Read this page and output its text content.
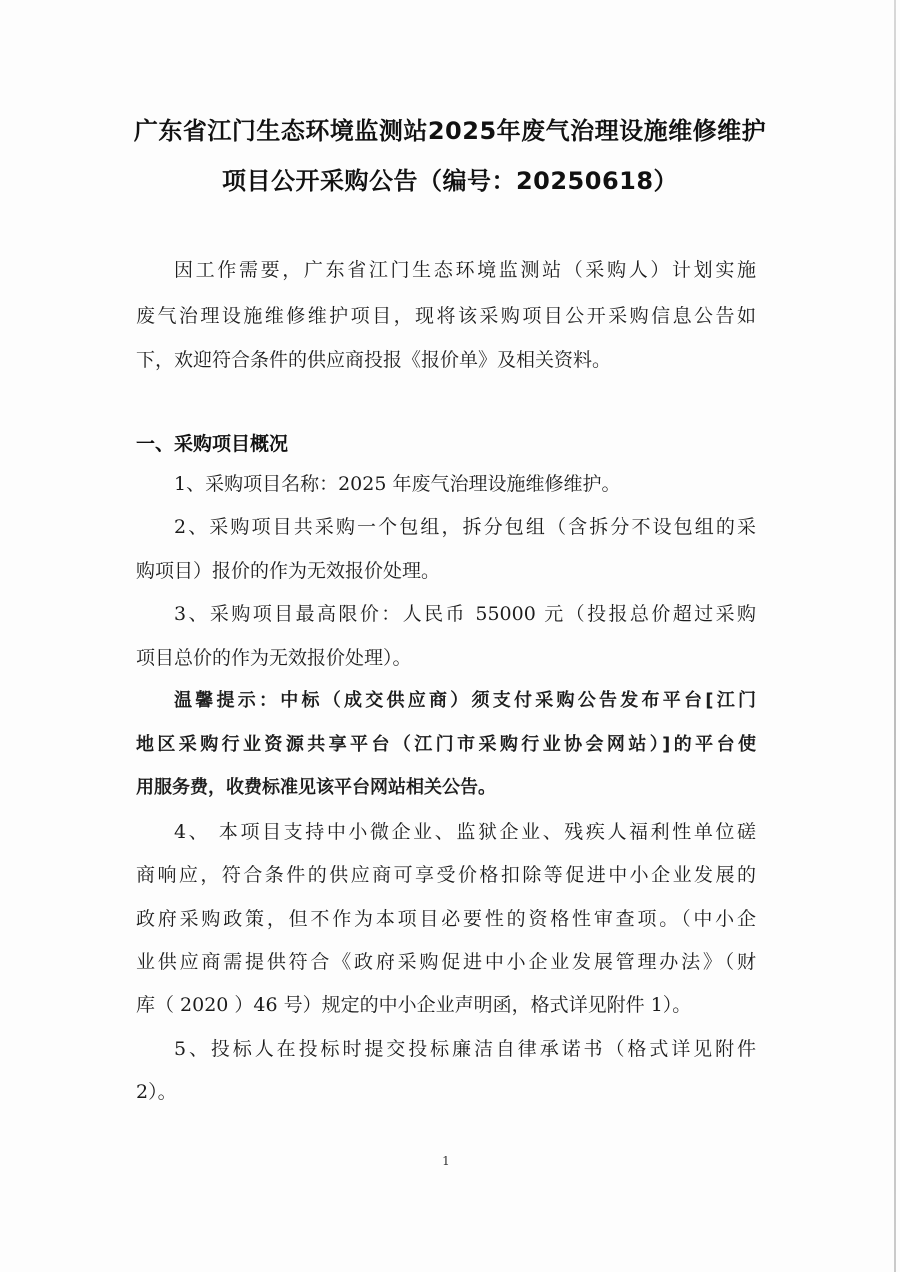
广东省江门生态环境监测站2025年废气治理设施维修维护
项目公开采购公告（编号：20250618）
因工作需要，广东省江门生态环境监测站（采购人）计划实施
废气治理设施维修维护项目，现将该采购项目公开采购信息公告如
下，欢迎符合条件的供应商投报《报价单》及相关资料。
一、采购项目概况
1、采购项目名称：2025 年废气治理设施维修维护。
2、采购项目共采购一个包组，拆分包组（含拆分不设包组的采
购项目）报价的作为无效报价处理。
3、采购项目最高限价：人民币 55000 元（投报总价超过采购
项目总价的作为无效报价处理）。
温馨提示：中标（成交供应商）须支付采购公告发布平台[江门
地区采购行业资源共享平台（江门市采购行业协会网站）]的平台使
用服务费，收费标准见该平台网站相关公告。
4、 本项目支持中小微企业、监狱企业、残疾人福利性单位磋
商响应，符合条件的供应商可享受价格扣除等促进中小企业发展的
政府采购政策，但不作为本项目必要性的资格性审查项。（中小企
业供应商需提供符合《政府采购促进中小企业发展管理办法》（财
库（ 2020 ）46 号）规定的中小企业声明函，格式详见附件 1）。
5、投标人在投标时提交投标廉洁自律承诺书（格式详见附件
2）。
1
